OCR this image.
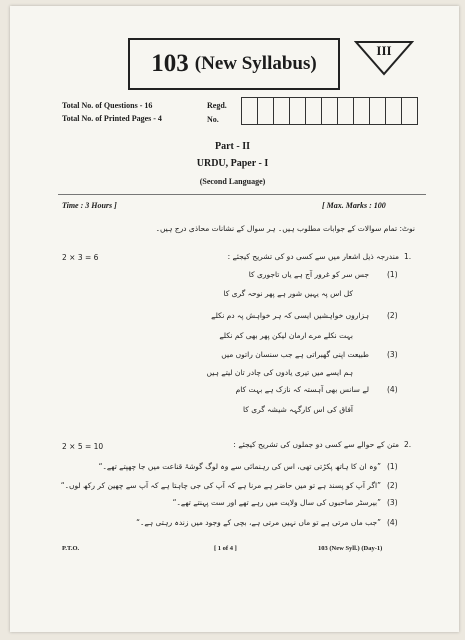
103 (New Syllabus)
III
Total No. of Questions - 16
Total No. of Printed Pages - 4
Regd.
No.
Part - II
URDU, Paper - I
(Second Language)
Time : 3 Hours ]	[ Max. Marks : 100
نوٹ: تمام سوالات کے جوابات مطلوب ہیں۔ ہر سوال کے نشانات محاذی درج ہیں۔
2 × 3 = 6	1.
مندرجہ ذیل اشعار میں سے کسی دو کی تشریح کیجئے :
(1)
جس سر کو غرور آج ہے یاں تاجوری کا
کل اس پہ یہیں شور ہے پھر نوحہ گری کا
(2)
ہزاروں خواہشیں ایسی کہ ہر خواہش پہ دم نکلے
بہت نکلے مرے ارمان لیکن پھر بھی کم نکلے
(3)
طبیعت اپنی گھبراتی ہے جب سنسان راتوں میں
ہم ایسے میں تیری یادوں کی چادر تان لیتے ہیں
(4)
لے سانس بھی آہستہ کہ نازک ہے بہت کام
آفاق کی اس کارگہہ شیشہ گری کا
2 × 5 = 10	2.
متن کے حوالے سے کسی دو جملوں کی تشریح کیجئے :
(1)
”وہ ان کا ہاتھ پکڑتی تھی، اس کی رہنمائی سے وہ لوگ گوشۂ قناعت میں جا چھپتے تھے۔“
(2)
”اگر آپ کو پسند ہے تو میں حاضر ہے مرنا ہے کہ آپ کی جی چاہتا ہے کہ آپ سے چھین کر رکھ لوں۔“
(3)
”بیرسٹر صاحبوں کی سال ولایت میں رہے تھے اور ست پہنتے تھے۔“
(4)
”جب ماں مرتی ہے تو ماں نہیں مرتی ہے، بچی کے وجود میں زندہ رہتی ہے۔“
P.T.O.	[ 1 of 4 ]	103 (New Syll.) (Day-1)
